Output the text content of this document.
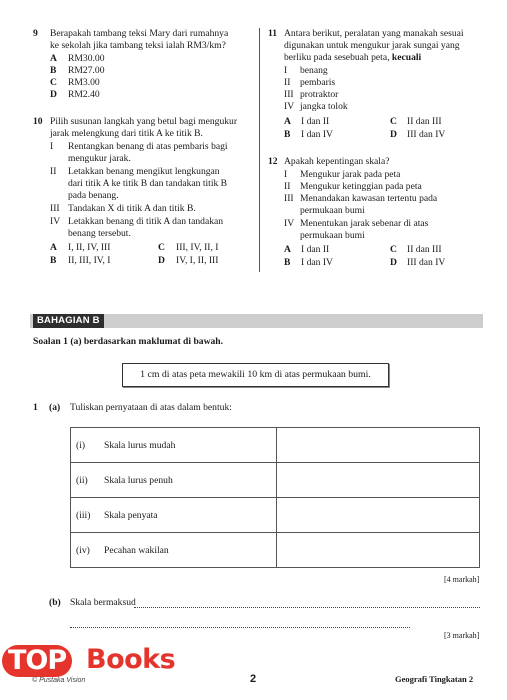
9 Berapakah tambang teksi Mary dari rumahnya
ke sekolah jika tambang teksi ialah RM3/km?
A RM30.00
B RM27.00
C RM3.00
D RM2.40
10 Pilih susunan langkah yang betul bagi mengukur
jarak melengkung dari titik A ke titik B.
I Rentangkan benang di atas pembaris bagi
mengukur jarak.
II Letakkan benang mengikut lengkungan
dari titik A ke titik B dan tandakan titik B
pada benang.
III Tandakan X di titik A dan titik B.
IV Letakkan benang di titik A dan tandakan
benang tersebut.
A I, II, IV, III	C III, IV, II, I
B II, III, IV, I	D IV, I, II, III
11 Antara berikut, peralatan yang manakah sesuai
digunakan untuk mengukur jarak sungai yang
berliku pada sesebuah peta, kecuali
I benang
II pembaris
III protraktor
IV jangka tolok
A I dan II	C II dan III
B I dan IV	D III dan IV
12 Apakah kepentingan skala?
I Mengukur jarak pada peta
II Mengukur ketinggian pada peta
III Menandakan kawasan tertentu pada
permukaan bumi
IV Menentukan jarak sebenar di atas
permukaan bumi
A I dan II	C II dan III
B I dan IV	D III dan IV
BAHAGIAN B
Soalan 1 (a) berdasarkan maklumat di bawah.
1 cm di atas peta mewakili 10 km di atas permukaan bumi.
1 (a) Tuliskan pernyataan di atas dalam bentuk:
(i) Skala lurus mudah	
(ii) Skala lurus penuh	
(iii) Skala penyata	
(iv) Pecahan wakilan	
[4 markah]
(b) Skala bermaksud
[3 markah]
TOP Books
© Pustaka Vision	2	Geografi Tingkatan 2
